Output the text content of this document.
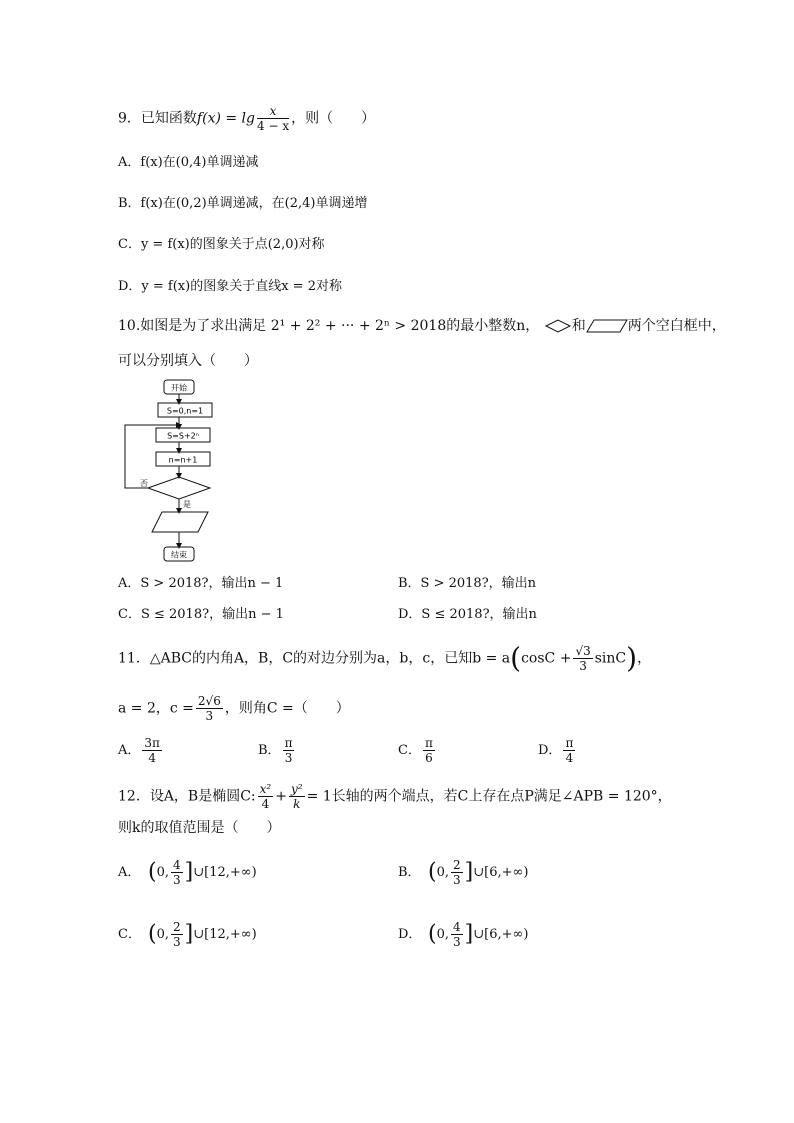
9．已知函数$f(x) = \lg \frac{x}{4 - x}$ ，则（　　）
A．f(x)在(0,4)单调递减
B．f(x)在(0,2)单调递减，在(2,4)单调递增
C．y = f(x)的图象关于点(2,0)对称
D．y = f(x)的图象关于直线x = 2对称
10.如图是为了求出满足 2¹ + 2² + ··· + 2ⁿ > 2018的最小整数n， 和	两个空白框中，
可以分别填入（　　）
开始
S=0,n=1
S=S+2ⁿ
n=n+1
否
是
结束
A．S > 2018?，输出n − 1	B．S > 2018?，输出n
C．S ≤ 2018?，输出n − 1	D．S ≤ 2018?，输出n
11．△ABC的内角A，B，C的对边分别为a，b，c，已知$b = a(\cos C + \frac{√3}{3} \sin C)$，
a = 2，$c = \frac{2√6}{3}$ ，则角C =（　　）
A． $\frac{3\pi}{4}$	B． $\frac{\pi}{3}$	C． $\frac{\pi}{6}$	D． $\frac{\pi}{4}$
12．设A，B是椭圆C: $\frac{\text{x²}}{4} + \frac{\text{y²}}{k} = 1$长轴的两个端点，若C上存在点P满足∠APB = 120°，
则k的取值范围是（　　）
A． (0, $\frac{4}{3}$ ]∪[12,+∞)	B． (0, $\frac{2}{3}$ ]∪[6,+∞)
C． (0, $\frac{2}{3}$ ]∪[12,+∞)	D． (0, $\frac{4}{3}$ ]∪[6,+∞)
